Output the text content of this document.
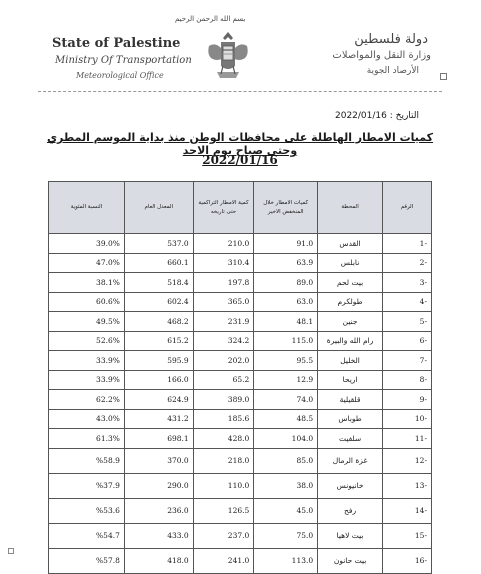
بسم الله الرحمن الرحيم
State of Palestine
Ministry Of Transportation
Meteorological Office
دولة فلسطين
وزارة النقل والمواصلات
الأرصاد الجوية
التاريخ : 2022/01/16
كميات الامطار الهاطلة على محافظات الوطن منذ بداية الموسم المطري وحتى صباح يوم الاحد
2022/01/16
الرقم	المحطة	كميات الامطار خلال المنخفض الاخير	كمية الامطار التراكمية حتى تاريخه	المعدل العام	النسبة المئوية
-1	القدس	91.0	210.0	537.0	39.0%
-2	نابلس	63.9	310.4	660.1	47.0%
-3	بيت لحم	89.0	197.8	518.4	38.1%
-4	طولكرم	63.0	365.0	602.4	60.6%
-5	جنين	48.1	231.9	468.2	49.5%
-6	رام الله والبيرة	115.0	324.2	615.2	52.6%
-7	الخليل	95.5	202.0	595.9	33.9%
-8	اريحا	12.9	65.2	166.0	33.9%
-9	قلقيلية	74.0	389.0	624.9	62.2%
-10	طوباس	48.5	185.6	431.2	43.0%
-11	سلفيت	104.0	428.0	698.1	61.3%
-12	غزة الرمال	85.0	218.0	370.0	%58.9
-13	خانيونس	38.0	110.0	290.0	%37.9
-14	رفح	45.0	126.5	236.0	%53.6
-15	بيت لاهيا	75.0	237.0	433.0	%54.7
-16	بيت حانون	113.0	241.0	418.0	%57.8
